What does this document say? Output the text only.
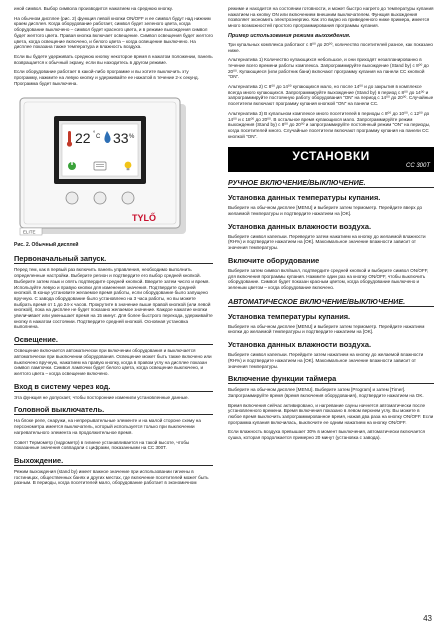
иной символ. Выбор символа производится нажатием на среднюю кнопку.

На обычном дисплее (рис. 2) функция левой кнопки ON/OFF и ее символ будут над нижним краем дисплея. Когда оборудование работает, символ будет зеленого цвета, когда оборудование выключено – символ будет красного цвета, и в режиме выхождения символ будет желтого цвета. Правая кнопка включает освещение. Символ освещения будет желтого цвета, когда освещение включено, и белого цвета – когда освещение выключено. На дисплее показана также температура и влажность воздуха.

Если вы будете удерживать среднюю кнопку некоторое время в нажатом положении, панель возвращается к обычный экрану, если вы находитесь в другом режиме.

Если оборудование работает в какой-либо программе и вы хотите выключить эту программу, нажмите на левую кнопку и удерживайте ее нажатой в течение 2-х секунд. Программа будет выключена.

22 ° C 33 %
TYLŐ
ELITE
Рис. 2. Обычный дисплей
Первоначальный запуск.

Перед тем, как в первый раз включить панель управления, необходимо выполнить определенные настройки. Выберите регион и подтвердите его выбор средней кнопкой. Выберите затем язык и опять подтвердите средней кнопкой. Введите затем число и время. Используйте левую и правую кнопки для изменения значения. Подтвердите средней кнопкой. В конце установите желаемое время работы, если оборудование было запущено вручную. С завода оборудование было установлено на 3 часа работы, но вы можете выбрать время от 1 до 24-х часов. Прокрутите в значение выше правой кнопкой (или левой кнопкой), пока на дисплее не будет показано желаемое значение. Каждое нажатие кнопки увеличивает или уменьшает время на 15 минут. Для более быстрого перехода, удерживайте кнопку в нажатом состоянии. Подтвердите средней кнопкой. Основная установка выполнена.

Освещение.

Освещение включается автоматически при включении оборудования и выключается автоматически при выключении оборудования. Освещение может быть также включено или выключено вручную, нажатием на правую кнопку, когда в правом углу на дисплее показан символ лампочки. Символ лампочки будет белого цвета, когда освещение выключено, и желтого цвета – когда освещение включено.

Вход в систему через код.

Эта функция не допускает, чтобы посторонние изменили установленные данные.

Головной выключатель.

На блоке реле, снаружи, на непрерывательные элементе и на малой стороне схему на персонометра имеется выключатель, который используется только при выключении нагревательного элемента на продолжительное время.

Совет! Термометр (гидрометр) в гигиене устанавливается на такой высоте, чтобы показанные значения совпадали с цифрами, показанными на CC 300T.

Выхождение.

Режим выхождения (stand by) имеет важное значение при использовании гигиены в гостиницах, общественных банях и других местах, где включение посетителей может быть разным. В периоды, когда посетителей мало, оборудование работает в экономичном

режиме и находится на состоянии готовности, и может быстро нагрето до температуры купания нажатием на кнопку ON или включением внешним выключателем. Функция выхождения позволяет экономить электроэнергию. Как это видно из приведенного ниже примера, имеется много возможностей простого программирования программы купания.

Пример использования режима выхождения.

Три купальных комплекса работают с 8⁰⁰ до 20⁰⁰, количество посетителей разное, как показано ниже.

Альтернатива 1) Количество купающихся небольшое, и они приходят незапланированно в течение всего времени работы комплекса. Запрограммируйте выхождение (Stand by) с 8⁰⁰ до 20⁰⁰. Купающиеся (или работник бани) включают программу купания на панели CC кнопкой "ON".

Альтернатива 2) С 8⁰⁰ до 14⁰⁰ купающихся мало, но после 14⁰⁰ и до закрытия в комплексе всегда много купающихся. Запрограммируйте выхождение (Stand by) в период с 8⁰⁰ до 14⁰⁰ и запрограммируйте постоянную работу оборудования "ON" на период с 14⁰⁰ до 20⁰⁰. Случайные посетители включают программу купания кнопкой "ON" на панели CC.

Альтернатива 3) В купальном комплексе много посетителей в периоды с 8⁰⁰ до 10⁰⁰, с 12⁰⁰ до 14⁰⁰ и с 18⁰⁰ до 20⁰⁰. В остальное время купающихся мало. Запрограммируйте режим выхождения (Stand by) с 8⁰⁰ до 20⁰⁰ и запрограммируйте постоянный режим "ON" на периоды, когда посетителей много. Случайные посетители включают программу купания на панели CC кнопкой "ON".

УСТАНОВКИ
CC 300T
РУЧНОЕ ВКЛЮЧЕНИЕ/ВЫКЛЮЧЕНИЕ.
Установка данных температуры купания.

Выберите на обычном дисплее [MENU] и выберите затем термометр. Перейдите вверх до желаемой температуры и подтвердите нажатием на [OK].

Установка данных влажности воздуха.

Выберите символ капельки. Переведите затем нажатием на кнопку до желаемой влажности (RH%) и подтвердите нажатием на [OK]. Максимальное значение влажности зависит от значения температуры.

Включите оборудование

Выберите затем символ вкл/выкл, подтвердите средней кнопкой и выберите символ ON/OFF, для включения программы купания. Нажмите один раз на кнопку ON/OFF, чтобы выключить оборудование. Символ будет показан красным цветом, когда оборудование выключено и зеленым цветом – когда оборудование включено.

АВТОМАТИЧЕСКОЕ ВКЛЮЧЕНИЕ/ВЫКЛЮЧЕНИЕ.
Установка температуры купания.

Выберите на обычном дисплее [MENU] и выберите затем термометр. Перейдите нажатием кнопки до желаемой температуры и подтвердите нажатием на [OK].

Установка данных влажности воздуха.

Выберите символ капельки. Перейдите затем нажатием на кнопку до желаемой влажности (RH%) и подтвердите нажатием на [OK]. Максимальное значение влажности зависит от значения температуры.

Включение функции таймера

Выберите на обычном дисплее [MENU]. Выберите затем [Program] и затем [Timer]. Запрограммируйте время (время включения оборудования), подтвердите нажатием на OK.

Время включения сейчас активировано, и нагревание сауны начнется автоматически после установленного времени. Время включения показано в левом верхнем углу. Вы можете в любое время выключить запрограммированное время, нажав два раза на кнопку ON/OFF. Если программа купания включилась, выключите ее одним нажатием на кнопку ON/OFF.

Если влажность воздуха превышает 30% в момент выключения, автоматически включается сушка, которая продолжается примерно 20 минут (установка с завода).

43
